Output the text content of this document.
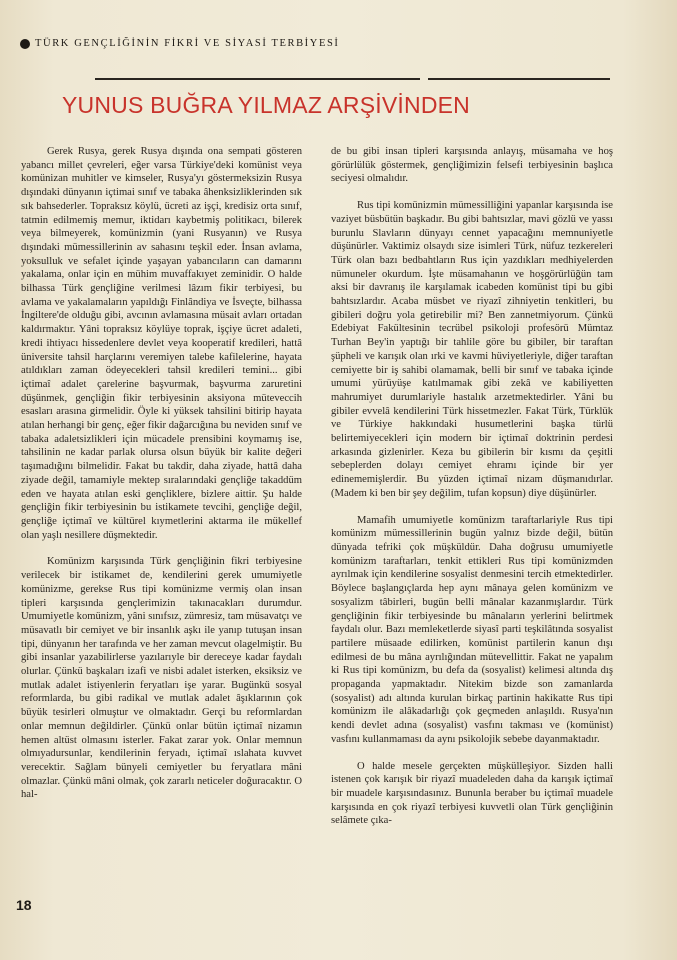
TÜRK GENÇLİĞİNİN FİKRİ VE SİYASİ TERBİYESİ
YUNUS BUĞRA YILMAZ ARŞİVİNDEN

Gerek Rusya, gerek Rusya dışında ona sempati gösteren yabancı millet çevreleri, eğer varsa Türkiye'deki komünist veya komünizan muhitler ve kimseler, Rusya'yı göstermeksizin Rusya dışındaki dünyanın içtimai sınıf ve tabaka âhenksizliklerinden sık sık bahsederler. Topraksız köylü, ücreti az işçi, kredisiz orta sınıf, tatmin edilmemiş memur, iktidarı kaybetmiş politikacı, bilerek veya bilmeyerek, komünizmin (yani Rusyanın) ve Rusya dışındaki mümessillerinin av sahasını teşkil eder. İnsan avlama, yoksulluk ve sefalet içinde yaşayan yabancıların can damarını yakalama, onlar için en mühim muvaffakıyet zeminidir. O halde bilhassa Türk gençliğine verilmesi lâzım fikir terbiyesi, bu avlama ve yakalamaların yapıldığı Finlândiya ve İsveçte, bilhassa İngiltere'de olduğu gibi, avcının avlamasına müsait avları ortadan kaldırmaktır. Yâni topraksız köylüye toprak, işçiye ücret adaleti, kredi ihtiyacı hissedenlere devlet veya kooperatif kredileri, hattâ üniversite tahsil harçlarını veremiyen talebe kafilelerine, hayata atıldıkları zaman ödeyecekleri tahsil kredileri temini... gibi içtimaî adalet çarelerine başvurmak, başvurma zaruretini düşünmek, gençliğin fikir terbiyesinin aksiyona müteveccih esasları arasına girmelidir. Öyle ki yüksek tahsilini bitirip hayata atılan herhangi bir genç, eğer fikir dağarcığına bu neviden sınıf ve tabaka adaletsizlikleri için mücadele prensibini koymamış ise, tahsilinin ne kadar parlak olursa olsun büyük bir kalite değeri taşımadığını bilmelidir. Fakat bu takdir, daha ziyade, hattâ daha ziyade değil, tamamiyle mektep sıralarındaki gençliğe takaddüm eden ve hayata atılan eski gençliklere, bizlere aittir. Şu halde gençliğin fikir terbiyesinin bu istikamete tevcihi, gençliğe değil, gençliğe içtimaî ve kültürel kıymetlerini aktarma ile mükellef olan yaşlı nesillere düşmektedir.

Komünizm karşısında Türk gençliğinin fikri terbiyesine verilecek bir istikamet de, kendilerini gerek umumiyetle komünizme, gerekse Rus tipi komünizme vermiş olan insan tipleri karşısında gençlerimizin takınacakları durumdur. Umumiyetle komünizm, yâni sınıfsız, zümresiz, tam müsavatçı ve müsavatlı bir cemiyet ve bir insanlık aşkı ile yanıp tutuşan insan tipi, dünyanın her tarafında ve her zaman mevcut olagelmiştir. Bu gibi insanlar yazabilirlerse yazılarıyle bir dereceye kadar faydalı olurlar. Çünkü başkaları izafi ve nisbi adalet isterken, eksiksiz ve mutlak adalet istiyenlerin feryatları işe yarar. Bugünkü sosyal reformlarda, bu gibi radikal ve mutlak adalet âşıklarının çok büyük tesirleri olmuştur ve olmaktadır. Gerçi bu reformlardan onlar memnun değildirler. Çünkü onlar bütün içtimaî nizamın hemen altüst olmasını isterler. Fakat zarar yok. Onlar memnun olmıyadursunlar, kendilerinin feryadı, içtimaî ıslahata kuvvet verecektir. Sağlam bünyeli cemiyetler bu feryatlara mâni olmazlar. Çünkü mâni olmak, çok zararlı neticeler doğuracaktır. O hal-

de bu gibi insan tipleri karşısında anlayış, müsamaha ve hoş görürlülük göstermek, gençliğimizin felsefi terbiyesinin başlıca seciyesi olmalıdır.

Rus tipi komünizmin mümessilliğini yapanlar karşısında ise vaziyet büsbütün başkadır. Bu gibi bahtsızlar, mavi gözlü ve yassı burunlu Slavların dünyayı cennet yapacağını memnuniyetle düşünürler. Vaktimiz olsaydı size isimleri Türk, nüfuz tezkereleri Türk olan bazı bedbahtların Rus için yazdıkları medhiyelerden nümuneler okurdum. İşte müsamahanın ve hoşgörürlüğün tam aksi bir davranış ile karşılamak icabeden komünist tipi bu gibi bahtsızlardır. Acaba müsbet ve riyazî zihniyetin tenkitleri, bu gibileri doğru yola getirebilir mi? Ben zannetmiyorum. Çünkü Edebiyat Fakültesinin tecrübel psikoloji profesörü Mümtaz Turhan Bey'in yaptığı bir tahlile göre bu gibiler, bir taraftan şüpheli ve karışık olan ırki ve kavmi hüviyetleriyle, diğer taraftan cemiyette bir iş sahibi olamamak, belli bir sınıf ve tabaka içinde umumi yürüyüşe katılmamak gibi zekâ ve kabiliyetten mahrumiyet durumlariyle hastalık arzetmektedirler. Yâni bu gibiler evvelâ kendilerini Türk hissetmezler. Fakat Türk, Türklük ve Türkiye hakkındaki husumetlerini başka türlü belirtemiyecekleri için modern bir içtimaî doktrinin perdesi arkasında gizlenirler. Keza bu gibilerin bir kısmı da çeşitli sebeplerden dolayı cemiyet ehramı içinde bir yer edinememişlerdir. Bu yüzden içtimaî nizam düşmanıdırlar. (Madem ki ben bir şey değilim, tufan kopsun) diye düşünürler.

Mamafih umumiyetle komünizm taraftarlariyle Rus tipi komünizm mümessillerinin bugün yalnız bizde değil, bütün dünyada tefriki çok müşküldür. Daha doğrusu umumiyetle komünizm taraftarları, tenkit ettikleri Rus tipi komünizmden ayrılmak için kendilerine sosyalist denmesini tercih etmektedirler. Böylece başlangıçlarda hep aynı mânaya gelen komünizm ve sosyalizm tâbirleri, bugün belli mânalar kazanmışlardır. Türk gençliğinin fikir terbiyesinde bu mânaların yerlerini belirtmek faydalı olur. Bazı memleketlerde siyasî parti teşkilâtında sosyalist partilere müsaade edilirken, komünist partilerin kanun dışı edilmesi de bu mâna ayrılığından mütevellittir. Fakat ne yapalım ki Rus tipi komünizm, bu defa da (sosyalist) kelimesi altında dış propaganda yapmaktadır. Nitekim bizde son zamanlarda (sosyalist) adı altında kurulan birkaç partinin hakikatte Rus tipi komünizm ile alâkadarlığı çok geçmeden anlaşıldı. Rusya'nın kendi devlet adına (sosyalist) vasfını takması ve (komünist) vasfını kullanmaması da aynı psikolojik sebebe dayanmaktadır.

O halde mesele gerçekten müşkülleşiyor. Sizden halli istenen çok karışık bir riyazî muadeleden daha da karışık içtimaî bir muadele karşısındasınız. Bununla beraber bu içtimaî muadele karşısında en çok riyazî terbiyesi kuvvetli olan Türk gençliğinin selâmete çıka-

18
